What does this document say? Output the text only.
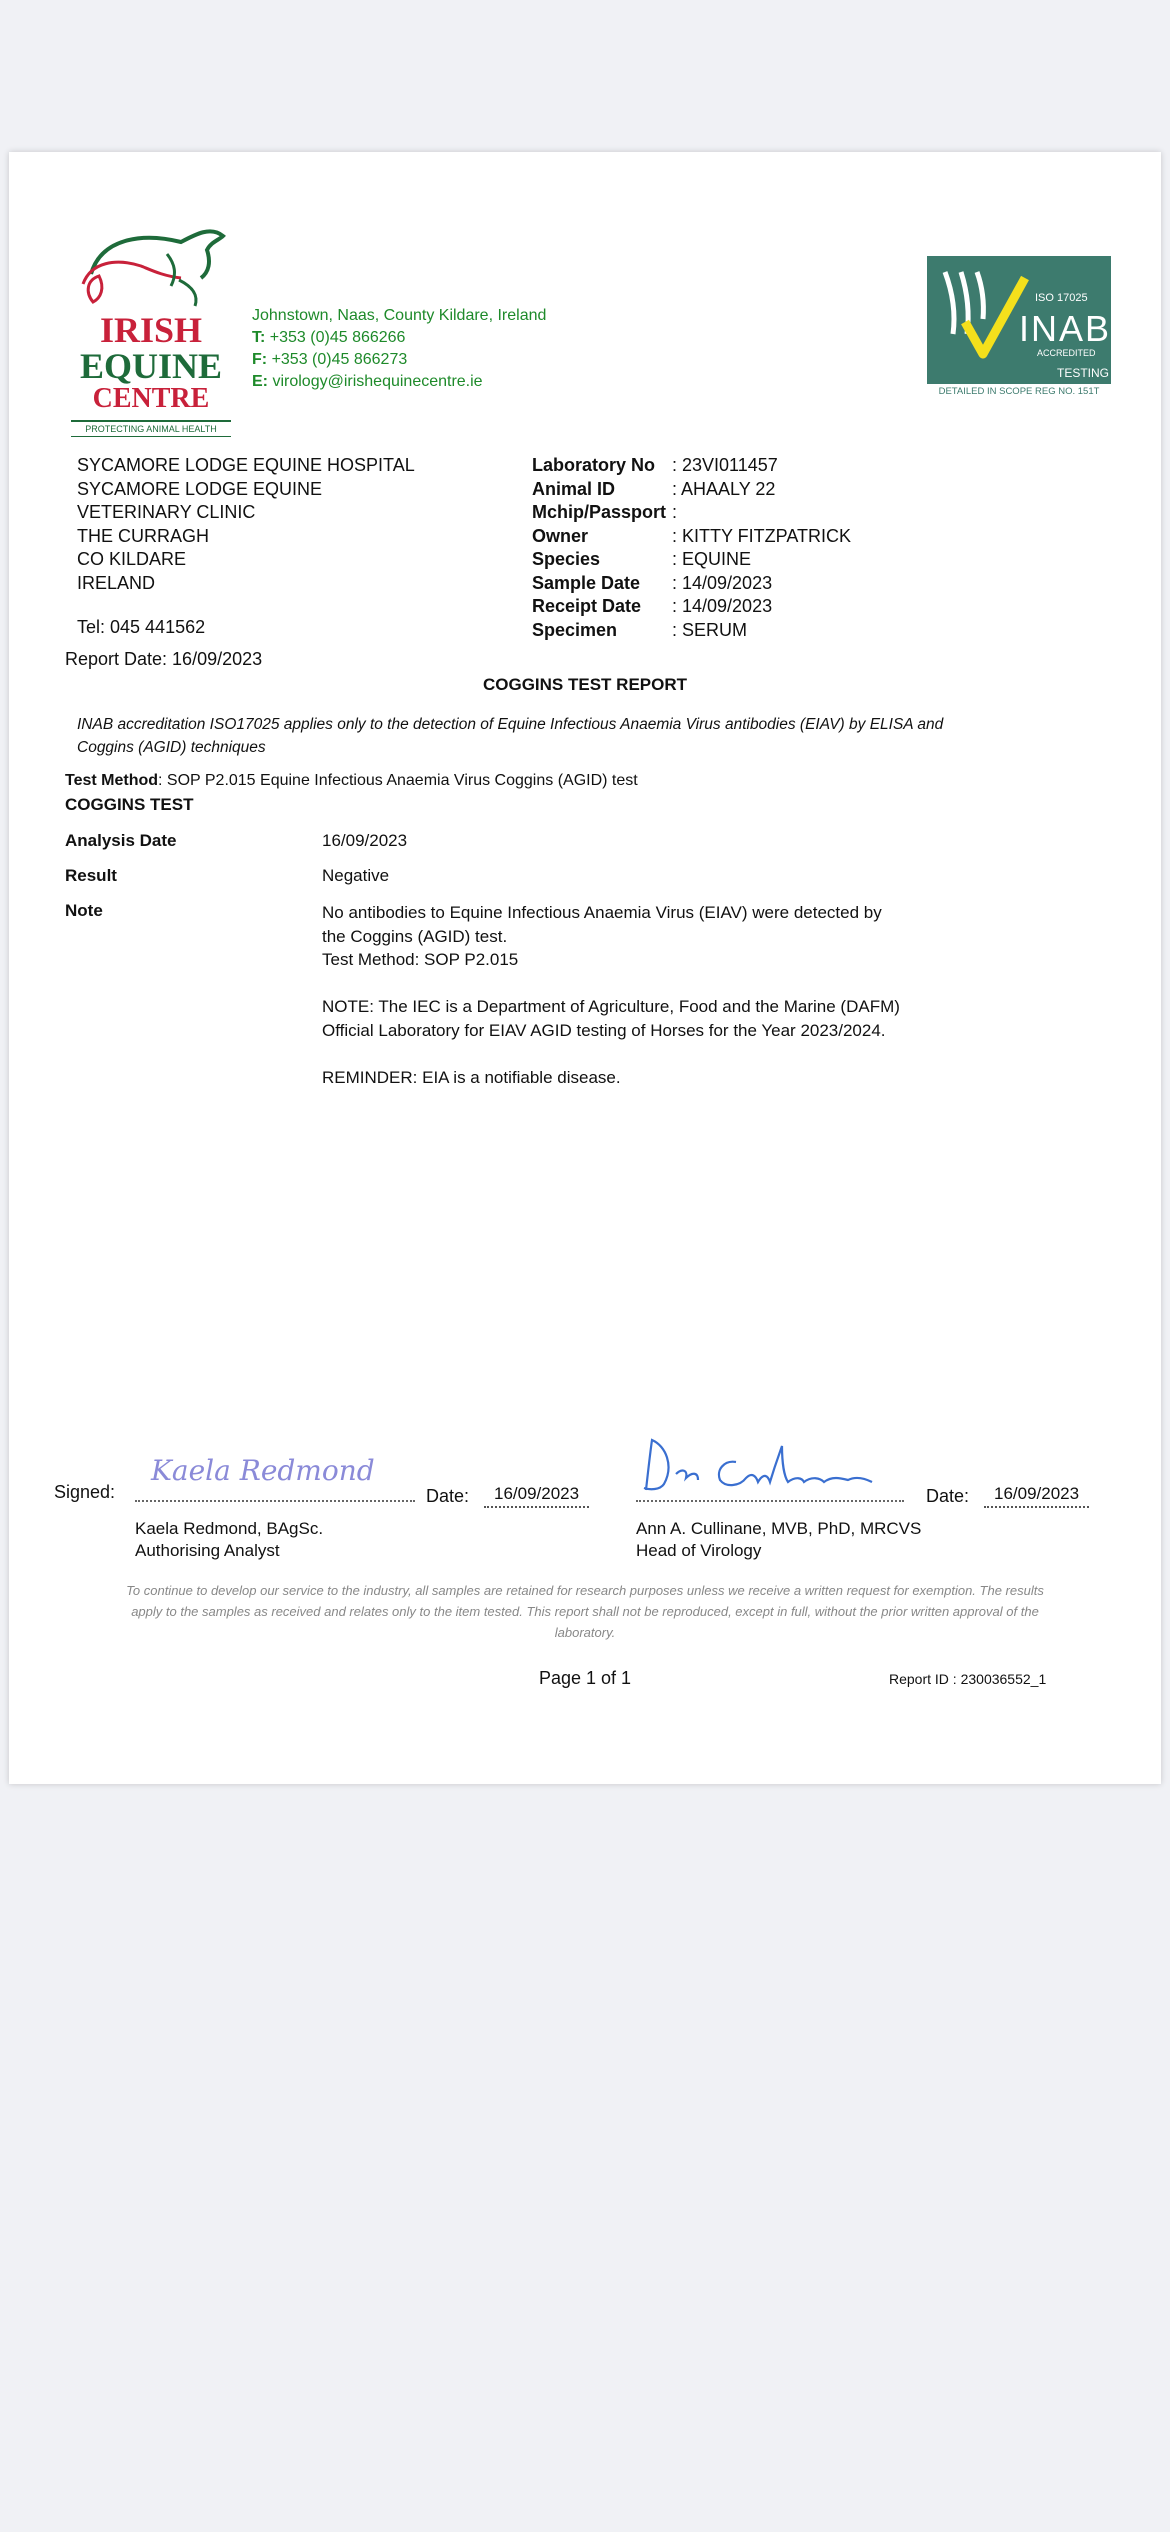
IRISH
EQUINE
CENTRE
PROTECTING ANIMAL HEALTH
Johnstown, Naas, County Kildare, Ireland
T: +353 (0)45 866266
F: +353 (0)45 866273
E: virology@irishequinecentre.ie
ISO 17025
INAB
ACCREDITED
TESTING
DETAILED IN SCOPE REG NO. 151T
SYCAMORE LODGE EQUINE HOSPITAL
SYCAMORE LODGE EQUINE
VETERINARY CLINIC
THE CURRAGH
CO KILDARE
IRELAND
Tel: 045 441562
Laboratory No : 23VI011457
Animal ID	: AHAALY 22
Mchip/Passport :
Owner	: KITTY FITZPATRICK
Species	: EQUINE
Sample Date	: 14/09/2023
Receipt Date	: 14/09/2023
Specimen	: SERUM
Report Date: 16/09/2023
COGGINS TEST REPORT
INAB accreditation ISO17025 applies only to the detection of Equine Infectious Anaemia Virus antibodies (EIAV) by ELISA and Coggins (AGID) techniques
Test Method: SOP P2.015 Equine Infectious Anaemia Virus Coggins (AGID) test
COGGINS TEST
Analysis Date	16/09/2023
Result	Negative
Note	No antibodies to Equine Infectious Anaemia Virus (EIAV) were detected by
the Coggins (AGID) test.
Test Method: SOP P2.015

NOTE: The IEC is a Department of Agriculture, Food and the Marine (DAFM) Official Laboratory for EIAV AGID testing of Horses for the Year 2023/2024.

REMINDER: EIA is a notifiable disease.

Signed:
Kaela Redmond
Date:	16/09/2023
Kaela Redmond, BAgSc.
Authorising Analyst
Date:	16/09/2023
Ann A. Cullinane, MVB, PhD, MRCVS
Head of Virology
To continue to develop our service to the industry, all samples are retained for research purposes unless we receive a written request for exemption. The results apply to the samples as received and relates only to the item tested. This report shall not be reproduced, except in full, without the prior written approval of the laboratory.
Page 1 of 1	Report ID : 230036552_1
